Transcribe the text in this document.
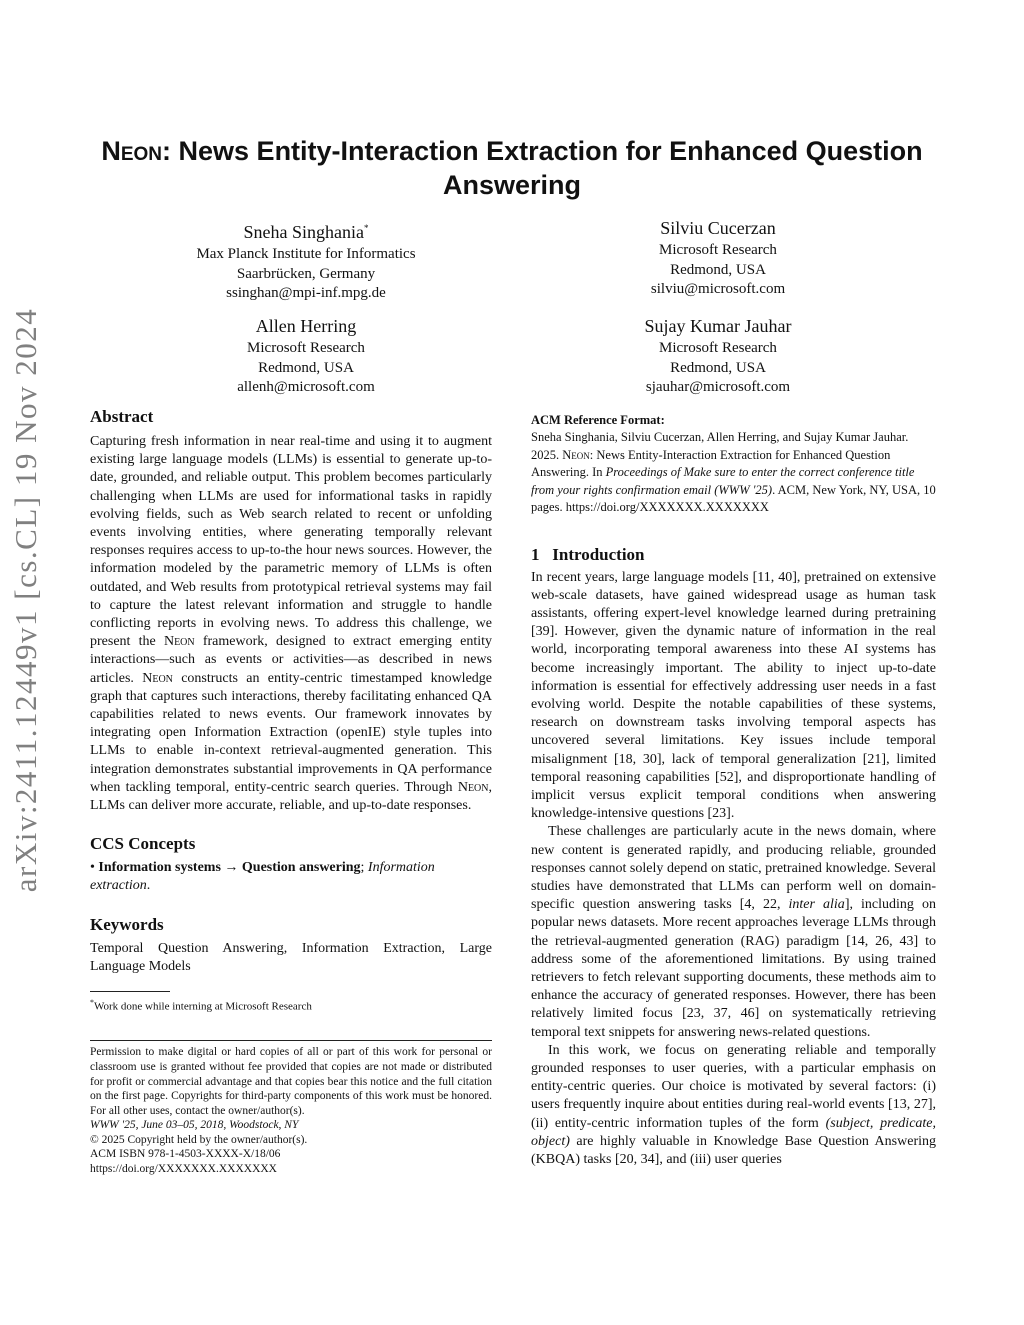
arXiv:2411.12449v1 [cs.CL] 19 Nov 2024
Neon: News Entity-Interaction Extraction for Enhanced Question Answering
Sneha Singhania*
Max Planck Institute for Informatics
Saarbrücken, Germany
ssinghan@mpi-inf.mpg.de
Silviu Cucerzan
Microsoft Research
Redmond, USA
silviu@microsoft.com
Allen Herring
Microsoft Research
Redmond, USA
allenh@microsoft.com
Sujay Kumar Jauhar
Microsoft Research
Redmond, USA
sjauhar@microsoft.com
Abstract

Capturing fresh information in near real-time and using it to augment existing large language models (LLMs) is essential to generate up-to-date, grounded, and reliable output. This problem becomes particularly challenging when LLMs are used for informational tasks in rapidly evolving fields, such as Web search related to recent or unfolding events involving entities, where generating temporally relevant responses requires access to up-to-the hour news sources. However, the information modeled by the parametric memory of LLMs is often outdated, and Web results from prototypical retrieval systems may fail to capture the latest relevant information and struggle to handle conflicting reports in evolving news. To address this challenge, we present the Neon framework, designed to extract emerging entity interactions—such as events or activities—as described in news articles. Neon constructs an entity-centric timestamped knowledge graph that captures such interactions, thereby facilitating enhanced QA capabilities related to news events. Our framework innovates by integrating open Information Extraction (openIE) style tuples into LLMs to enable in-context retrieval-augmented generation. This integration demonstrates substantial improvements in QA performance when tackling temporal, entity-centric search queries. Through Neon, LLMs can deliver more accurate, reliable, and up-to-date responses.

CCS Concepts

• Information systems → Question answering; Information extraction.

Keywords

Temporal Question Answering, Information Extraction, Large Language Models

*Work done while interning at Microsoft Research

Permission to make digital or hard copies of all or part of this work for personal or classroom use is granted without fee provided that copies are not made or distributed for profit or commercial advantage and that copies bear this notice and the full citation on the first page. Copyrights for third-party components of this work must be honored. For all other uses, contact the owner/author(s).

WWW '25, June 03–05, 2018, Woodstock, NY
© 2025 Copyright held by the owner/author(s).
ACM ISBN 978-1-4503-XXXX-X/18/06
https://doi.org/XXXXXXX.XXXXXXX
ACM Reference Format:

Sneha Singhania, Silviu Cucerzan, Allen Herring, and Sujay Kumar Jauhar. 2025. Neon: News Entity-Interaction Extraction for Enhanced Question Answering. In Proceedings of Make sure to enter the correct conference title from your rights confirmation email (WWW '25). ACM, New York, NY, USA, 10 pages. https://doi.org/XXXXXXX.XXXXXXX

1 Introduction

In recent years, large language models [11, 40], pretrained on extensive web-scale datasets, have gained widespread usage as human task assistants, offering expert-level knowledge learned during pretraining [39]. However, given the dynamic nature of information in the real world, incorporating temporal awareness into these AI systems has become increasingly important. The ability to inject up-to-date information is essential for effectively addressing user needs in a fast evolving world. Despite the notable capabilities of these systems, research on downstream tasks involving temporal aspects has uncovered several limitations. Key issues include temporal misalignment [18, 30], lack of temporal generalization [21], limited temporal reasoning capabilities [52], and disproportionate handling of implicit versus explicit temporal conditions when answering knowledge-intensive questions [23].

These challenges are particularly acute in the news domain, where new content is generated rapidly, and producing reliable, grounded responses cannot solely depend on static, pretrained knowledge. Several studies have demonstrated that LLMs can perform well on domain-specific question answering tasks [4, 22, inter alia], including on popular news datasets. More recent approaches leverage LLMs through the retrieval-augmented generation (RAG) paradigm [14, 26, 43] to address some of the aforementioned limitations. By using trained retrievers to fetch relevant supporting documents, these methods aim to enhance the accuracy of generated responses. However, there has been relatively limited focus [23, 37, 46] on systematically retrieving temporal text snippets for answering news-related questions.

In this work, we focus on generating reliable and temporally grounded responses to user queries, with a particular emphasis on entity-centric queries. Our choice is motivated by several factors: (i) users frequently inquire about entities during real-world events [13, 27], (ii) entity-centric information tuples of the form (subject, predicate, object) are highly valuable in Knowledge Base Question Answering (KBQA) tasks [20, 34], and (iii) user queries
